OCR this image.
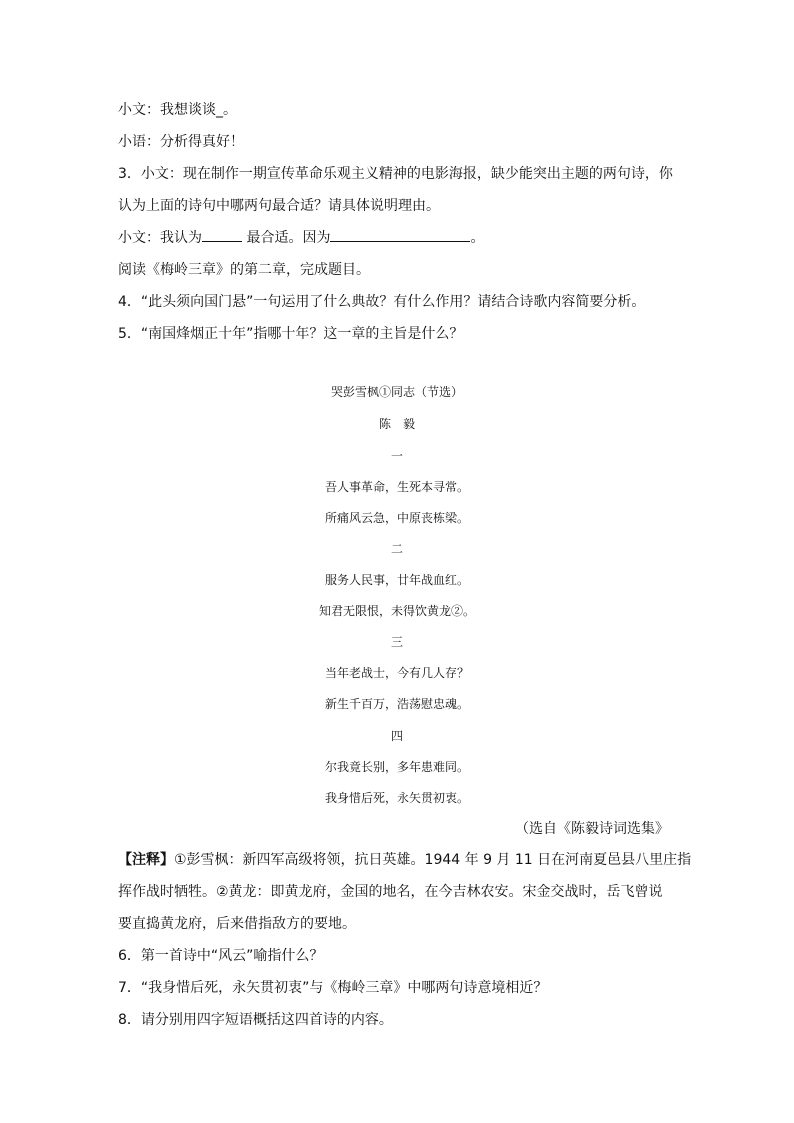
小文：我想谈谈_。
小语：分析得真好！
3．小文：现在制作一期宣传革命乐观主义精神的电影海报，缺少能突出主题的两句诗，你
认为上面的诗句中哪两句最合适？请具体说明理由。
小文：我认为	最合适。因为	。
阅读《梅岭三章》的第二章，完成题目。
4．“此头须向国门悬”一句运用了什么典故？有什么作用？请结合诗歌内容简要分析。
5．“南国烽烟正十年”指哪十年？这一章的主旨是什么？
哭彭雪枫①同志（节选）
陈　毅
一
吾人事革命，生死本寻常。
所痛风云急，中原丧栋梁。
二
服务人民事，廿年战血红。
知君无限恨，未得饮黄龙②。
三
当年老战士，今有几人存？
新生千百万，浩荡慰忠魂。
四
尔我竟长别，多年患难同。
我身惜后死，永矢贯初衷。
（选自《陈毅诗词选集》
【注释】①彭雪枫：新四军高级将领，抗日英雄。1944 年 9 月 11 日在河南夏邑县八里庄指
挥作战时牺牲。②黄龙：即黄龙府，金国的地名，在今吉林农安。宋金交战时，岳飞曾说
要直捣黄龙府，后来借指敌方的要地。
6．第一首诗中“风云”喻指什么？
7．“我身惜后死，永矢贯初衷”与《梅岭三章》中哪两句诗意境相近？
8．请分别用四字短语概括这四首诗的内容。
